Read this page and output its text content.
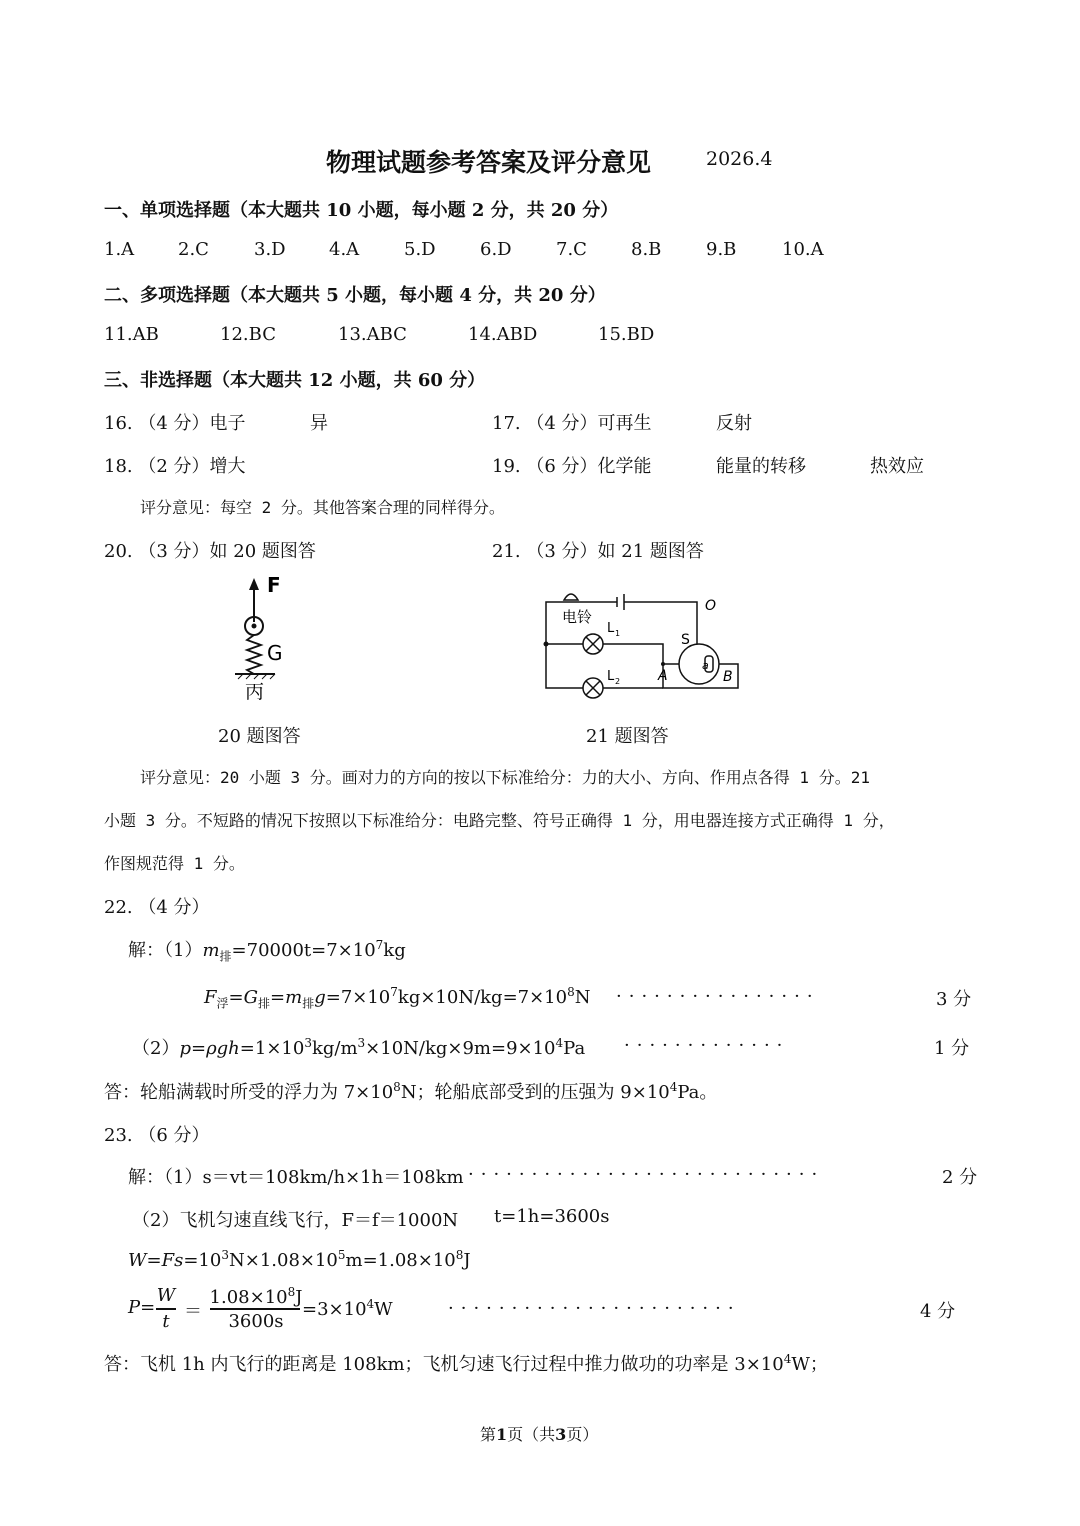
物理试题参考答案及评分意见	2026.4
一、单项选择题（本大题共 10 小题，每小题 2 分，共 20 分）
1.A 2.C	3.D 4.A 5.D 6.D 7.C 8.B 9.B	10.A
二、多项选择题（本大题共 5 小题，每小题 4 分，共 20 分）
11.AB	12.BC	13.ABC	14.ABD	15.BD
三、非选择题（本大题共 12 小题，共 60 分）
16. （4 分）电子	异	17. （4 分）可再生	反射
18. （2 分）增大	19. （6 分）化学能	能量的转移	热效应
评分意见：每空 2 分。其他答案合理的同样得分。
20. （3 分）如 20 题图答	21. （3 分）如 21 题图答
F
G
丙
20 题图答
电铃
O
L 1
L 2
S
a
A	B
21 题图答
评分意见：20 小题 3 分。画对力的方向的按以下标准给分：力的大小、方向、作用点各得 1 分。21
小题 3 分。不短路的情况下按照以下标准给分：电路完整、符号正确得 1 分，用电器连接方式正确得 1 分，
作图规范得 1 分。
22. （4 分）
解：$(1)m_排=70000t=7\times 10^7kg$
$F_浮=G_排=m_排g=7\times 10^7kg\times 10N/kg=7\times 10^8N$ ················	3 分
$(2)p=\rho gh=1\times 10^3kg/m^3\times 10N/kg\times 9m=9\times 10^4Pa$ ·············	1 分
答：轮船满载时所受的浮力为 $7\times 10^8N$；轮船底部受到的压强为 $9\times 10^4Pa$。
23. （6 分）
解：（1）s＝vt＝108km/h×1h＝108km ····························	2 分
（2）飞机匀速直线飞行，F＝f＝1000N t=1h=3600s
$W=Fs=10^3N\times 1.08\times 10^5m=1.08\times 10^8J$
P=
W
t ＝
$1.08\times 10^8J$
3600s
$=3\times 10^4W$	·······················	4 分
答：飞机 1h 内飞行的距离是 108km；飞机匀速飞行过程中推力做功的功率是 $3\times 10^4W$；
第1页（共3页）
